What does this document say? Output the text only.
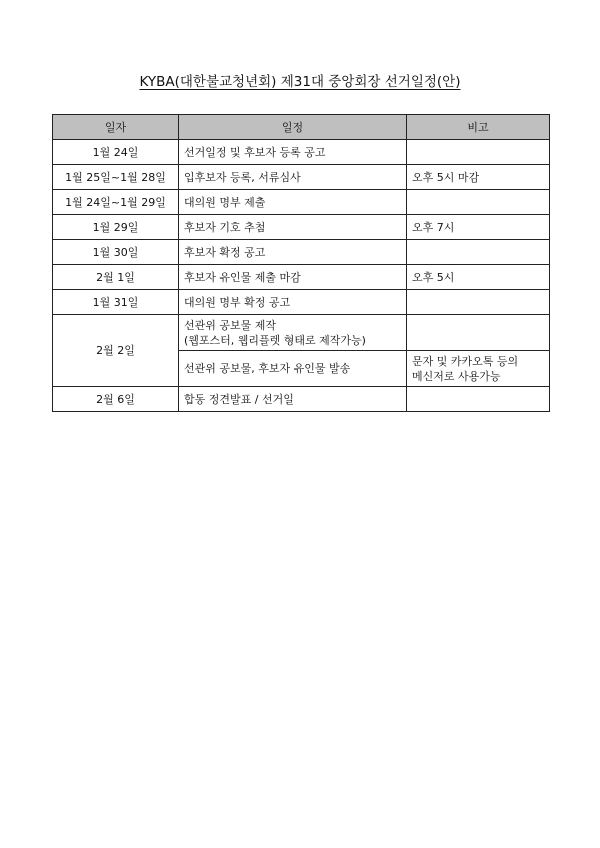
KYBA(대한불교청년회) 제31대 중앙회장 선거일정(안)
일자	일정	비고
1월 24일	선거일정 및 후보자 등록 공고	
1월 25일~1월 28일	입후보자 등록, 서류심사	오후 5시 마감
1월 24일~1월 29일	대의원 명부 제출	
1월 29일	후보자 기호 추첨	오후 7시
1월 30일	후보자 확정 공고	
2월 1일	후보자 유인물 제출 마감	오후 5시
1월 31일	대의원 명부 확정 공고	
2월 2일	선관위 공보물 제작
(웹포스터, 웹리플렛 형태로 제작가능)	

	선관위 공보물, 후보자 유인물 발송	문자 및 카카오톡 등의
메신저로 사용가능

2월 6일	합동 정견발표 / 선거일	
